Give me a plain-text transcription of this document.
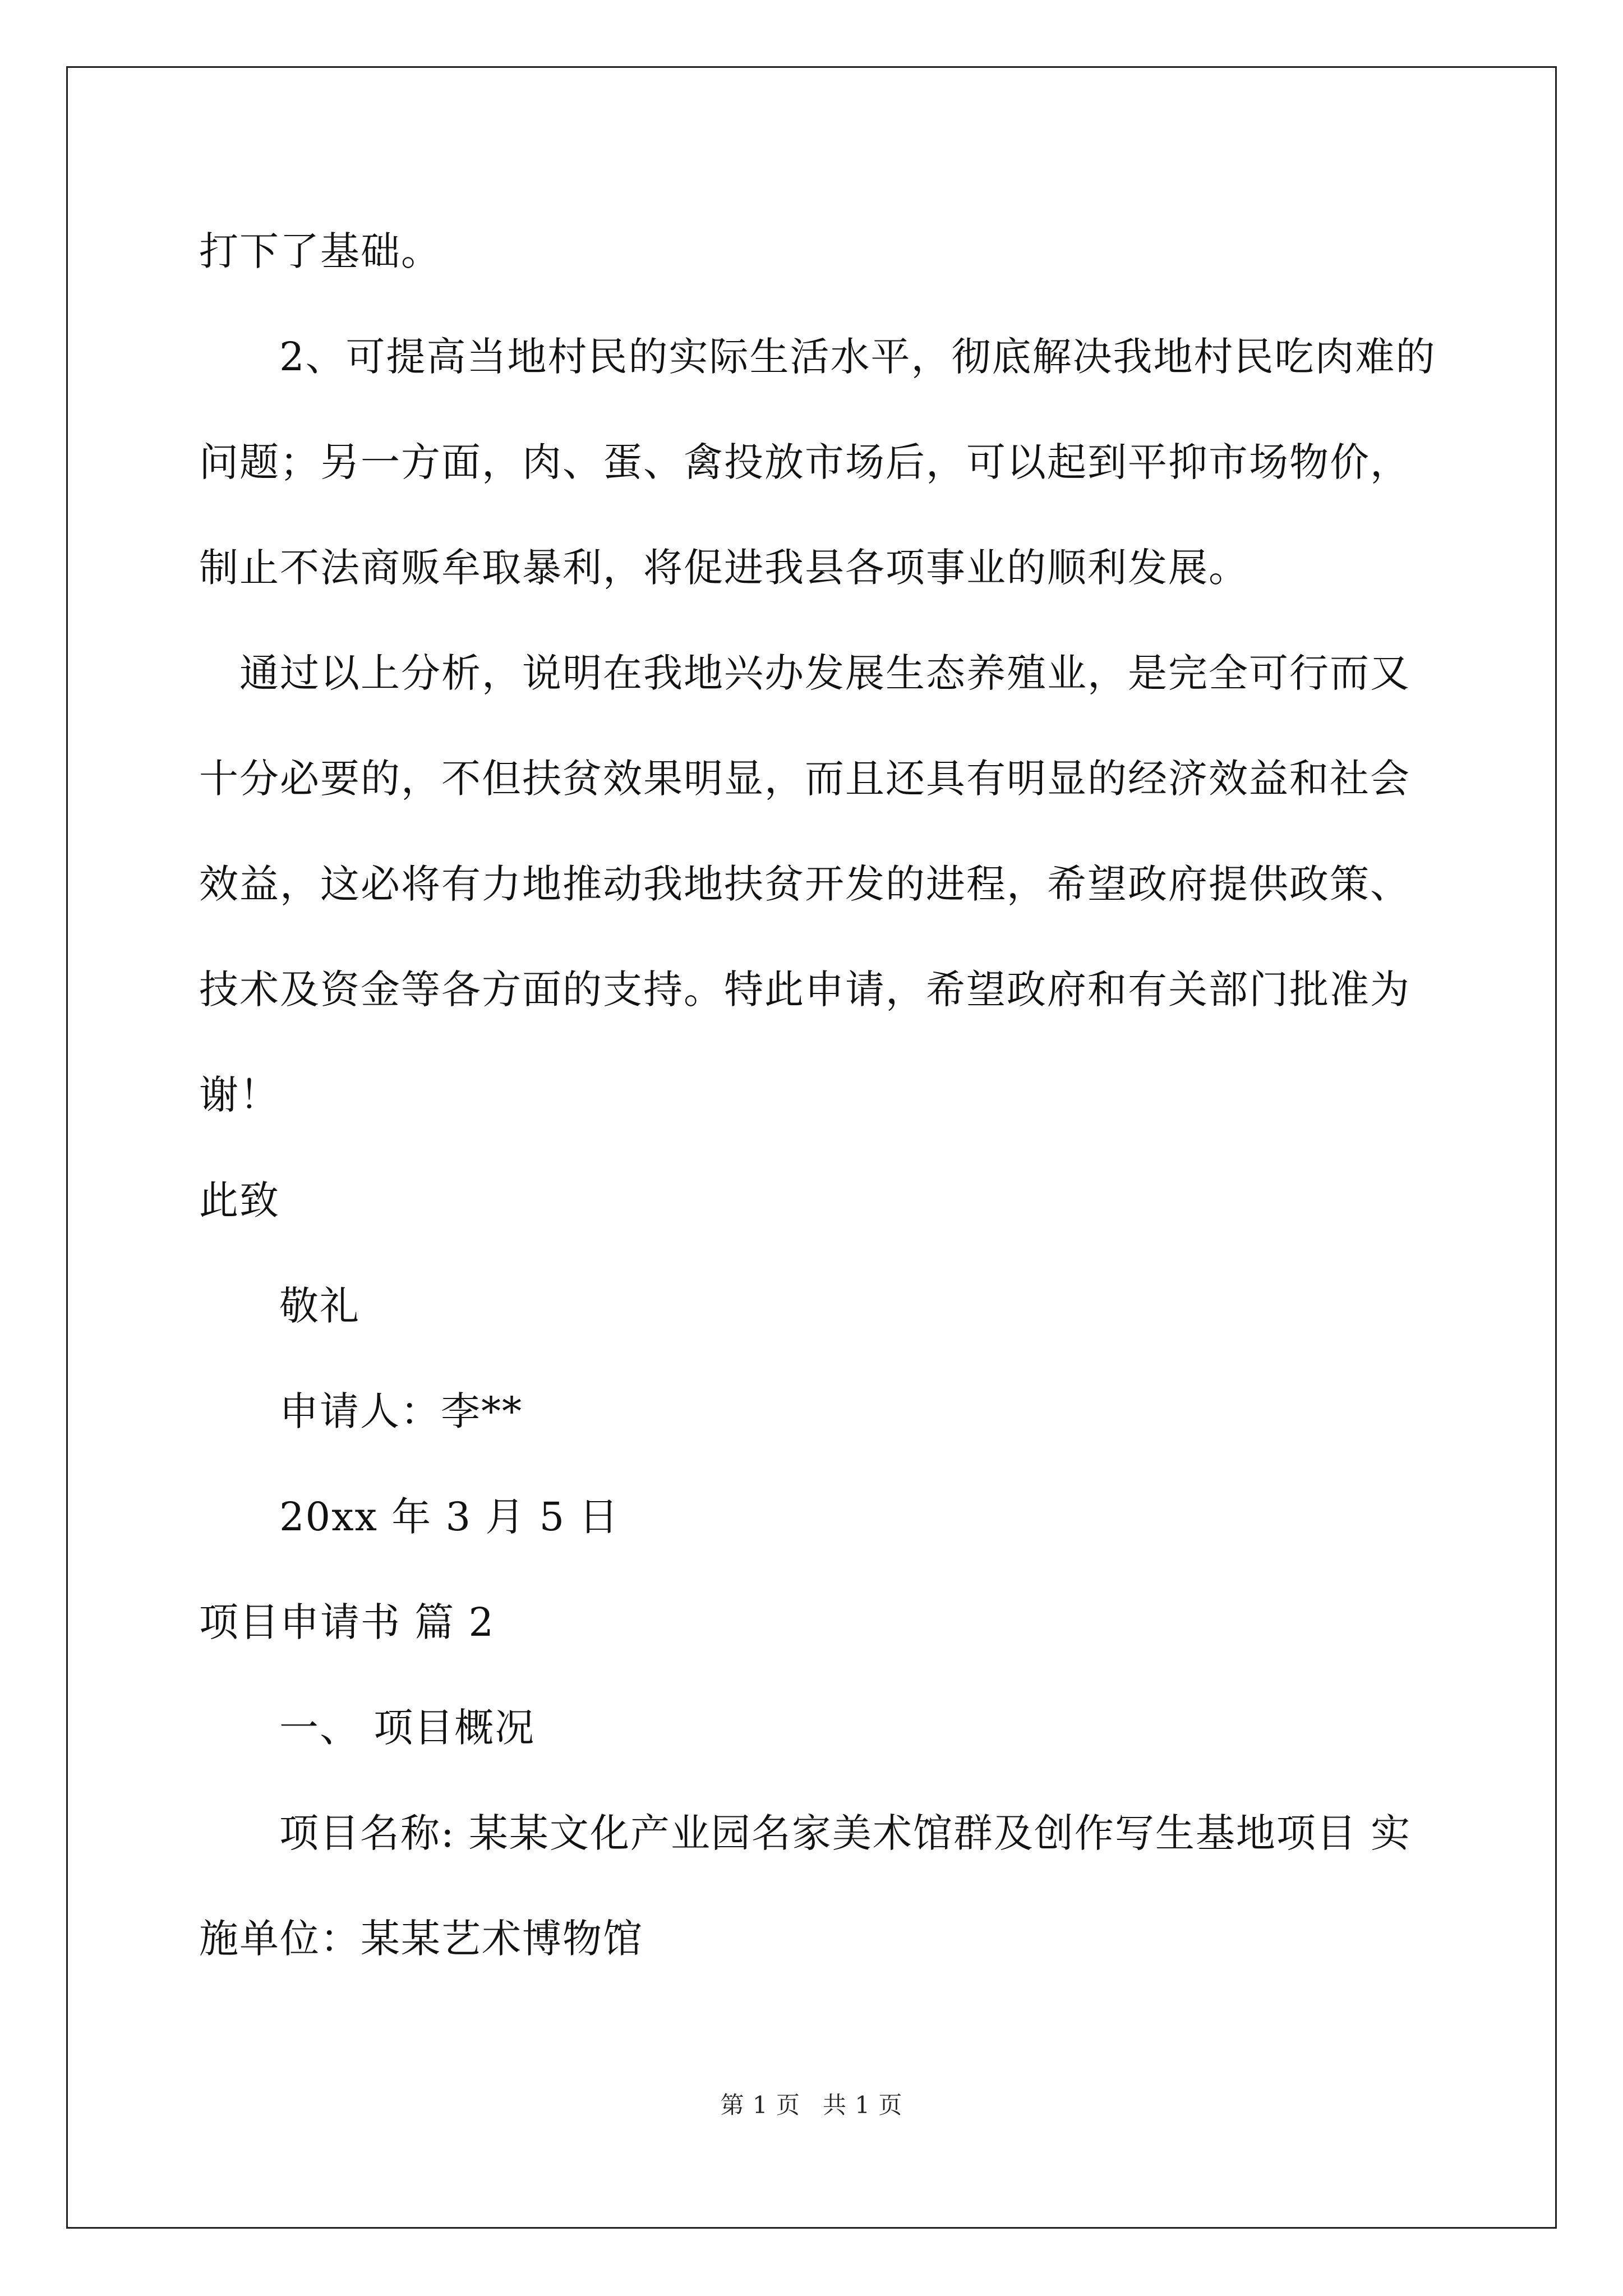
打下了基础。
2、可提高当地村民的实际生活水平，彻底解决我地村民吃肉难的
问题；另一方面，肉、蛋、禽投放市场后，可以起到平抑市场物价，
制止不法商贩牟取暴利，将促进我县各项事业的顺利发展。
通过以上分析，说明在我地兴办发展生态养殖业，是完全可行而又
十分必要的，不但扶贫效果明显，而且还具有明显的经济效益和社会
效益，这必将有力地推动我地扶贫开发的进程，希望政府提供政策、
技术及资金等各方面的支持。特此申请，希望政府和有关部门批准为
谢！
此致
敬礼
申请人：李**
20xx 年 3 月 5 日
项目申请书 篇 2
一、 项目概况
项目名称: 某某文化产业园名家美术馆群及创作写生基地项目 实
施单位：某某艺术博物馆
第 1 页 共 1 页
